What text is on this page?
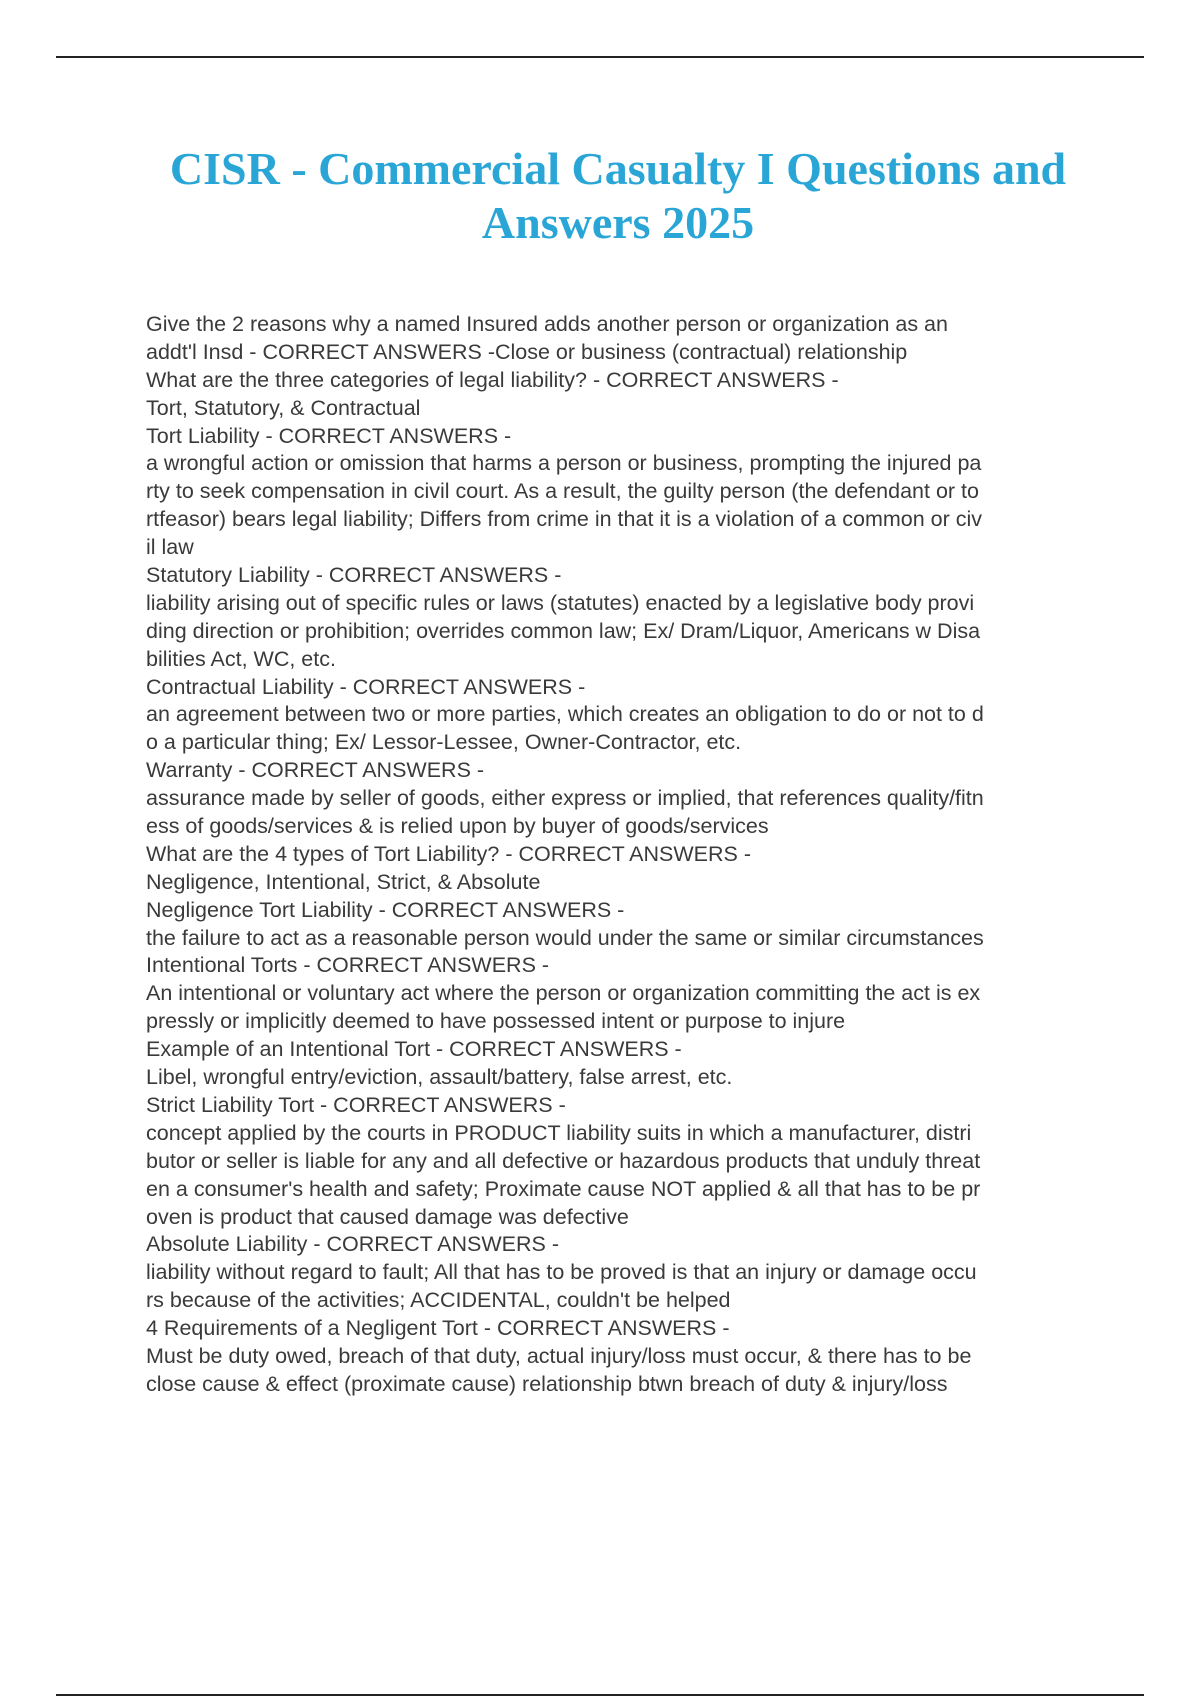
CISR - Commercial Casualty I Questions and
Answers 2025
Give the 2 reasons why a named Insured adds another person or organization as an
addt'l Insd - CORRECT ANSWERS -Close or business (contractual) relationship
What are the three categories of legal liability? - CORRECT ANSWERS -
Tort, Statutory, & Contractual
Tort Liability - CORRECT ANSWERS -
a wrongful action or omission that harms a person or business, prompting the injured pa
rty to seek compensation in civil court. As a result, the guilty person (the defendant or to
rtfeasor) bears legal liability; Differs from crime in that it is a violation of a common or civ
il law
Statutory Liability - CORRECT ANSWERS -
liability arising out of specific rules or laws (statutes) enacted by a legislative body provi
ding direction or prohibition; overrides common law; Ex/ Dram/Liquor, Americans w Disa
bilities Act, WC, etc.
Contractual Liability - CORRECT ANSWERS -
an agreement between two or more parties, which creates an obligation to do or not to d
o a particular thing; Ex/ Lessor-Lessee, Owner-Contractor, etc.
Warranty - CORRECT ANSWERS -
assurance made by seller of goods, either express or implied, that references quality/fitn
ess of goods/services & is relied upon by buyer of goods/services
What are the 4 types of Tort Liability? - CORRECT ANSWERS -
Negligence, Intentional, Strict, & Absolute
Negligence Tort Liability - CORRECT ANSWERS -
the failure to act as a reasonable person would under the same or similar circumstances
Intentional Torts - CORRECT ANSWERS -
An intentional or voluntary act where the person or organization committing the act is ex
pressly or implicitly deemed to have possessed intent or purpose to injure
Example of an Intentional Tort - CORRECT ANSWERS -
Libel, wrongful entry/eviction, assault/battery, false arrest, etc.
Strict Liability Tort - CORRECT ANSWERS -
concept applied by the courts in PRODUCT liability suits in which a manufacturer, distri
butor or seller is liable for any and all defective or hazardous products that unduly threat
en a consumer's health and safety; Proximate cause NOT applied & all that has to be pr
oven is product that caused damage was defective
Absolute Liability - CORRECT ANSWERS -
liability without regard to fault; All that has to be proved is that an injury or damage occu
rs because of the activities; ACCIDENTAL, couldn't be helped
4 Requirements of a Negligent Tort - CORRECT ANSWERS -
Must be duty owed, breach of that duty, actual injury/loss must occur, & there has to be
close cause & effect (proximate cause) relationship btwn breach of duty & injury/loss
